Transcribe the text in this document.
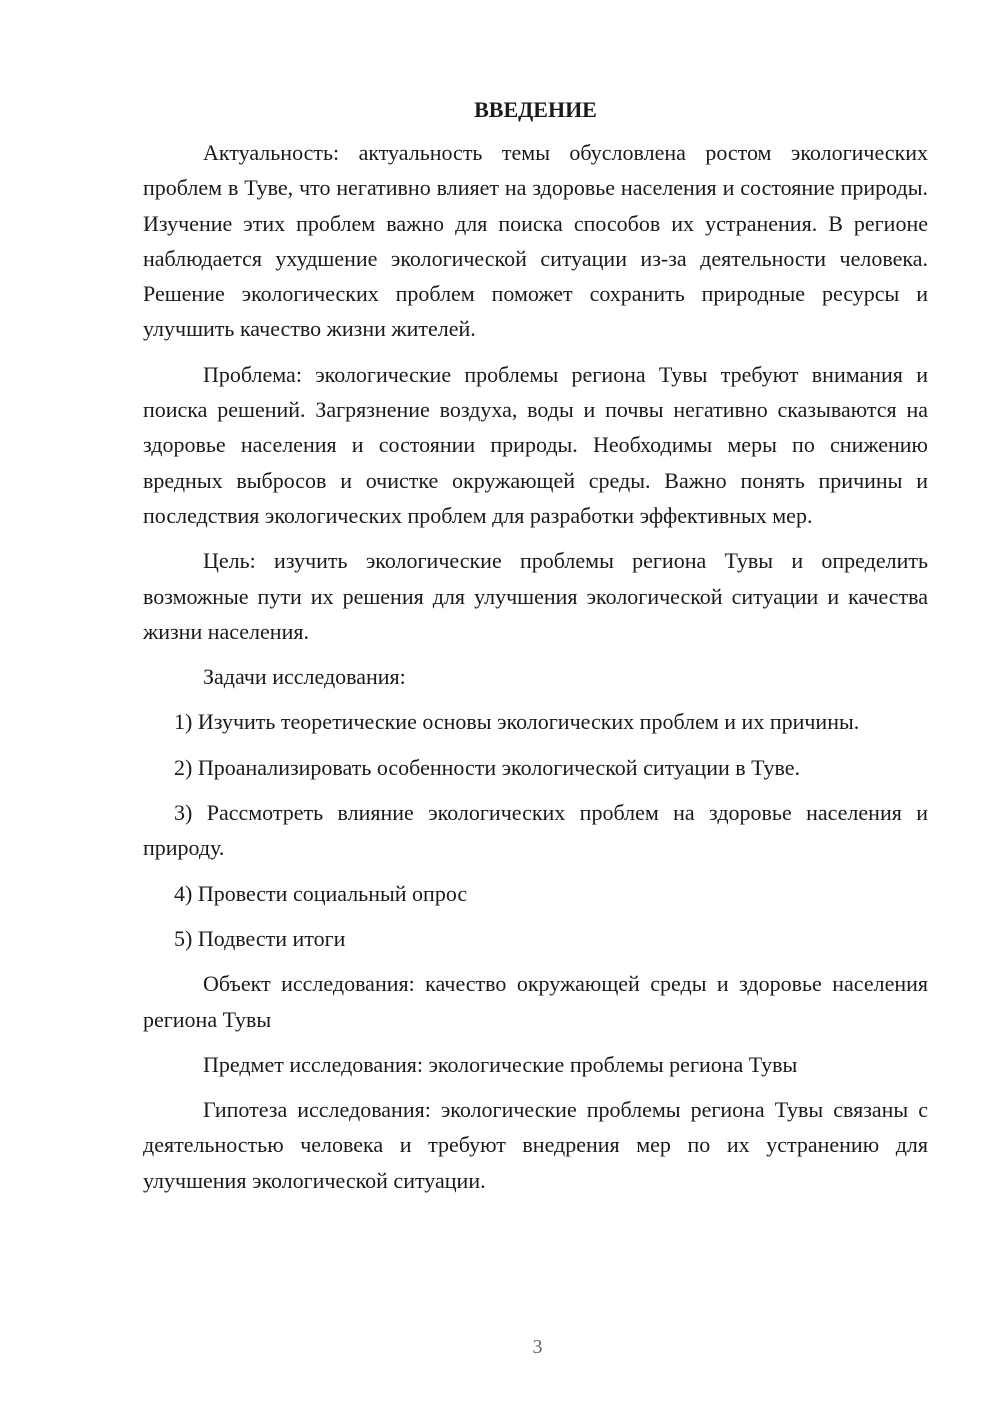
ВВЕДЕНИЕ

Актуальность: актуальность темы обусловлена ростом экологических проблем в Туве, что негативно влияет на здоровье населения и состояние природы. Изучение этих проблем важно для поиска способов их устранения. В регионе наблюдается ухудшение экологической ситуации из-за деятельности человека. Решение экологических проблем поможет сохранить природные ресурсы и улучшить качество жизни жителей.

Проблема: экологические проблемы региона Тувы требуют внимания и поиска решений. Загрязнение воздуха, воды и почвы негативно сказываются на здоровье населения и состоянии природы. Необходимы меры по снижению вредных выбросов и очистке окружающей среды. Важно понять причины и последствия экологических проблем для разработки эффективных мер.

Цель: изучить экологические проблемы региона Тувы и определить возможные пути их решения для улучшения экологической ситуации и качества жизни населения.

Задачи исследования:

1) Изучить теоретические основы экологических проблем и их причины.

2) Проанализировать особенности экологической ситуации в Туве.

3) Рассмотреть влияние экологических проблем на здоровье населения и природу.

4) Провести социальный опрос

5) Подвести итоги

Объект исследования: качество окружающей среды и здоровье населения региона Тувы

Предмет исследования: экологические проблемы региона Тувы

Гипотеза исследования: экологические проблемы региона Тувы связаны с деятельностью человека и требуют внедрения мер по их устранению для улучшения экологической ситуации.

3
